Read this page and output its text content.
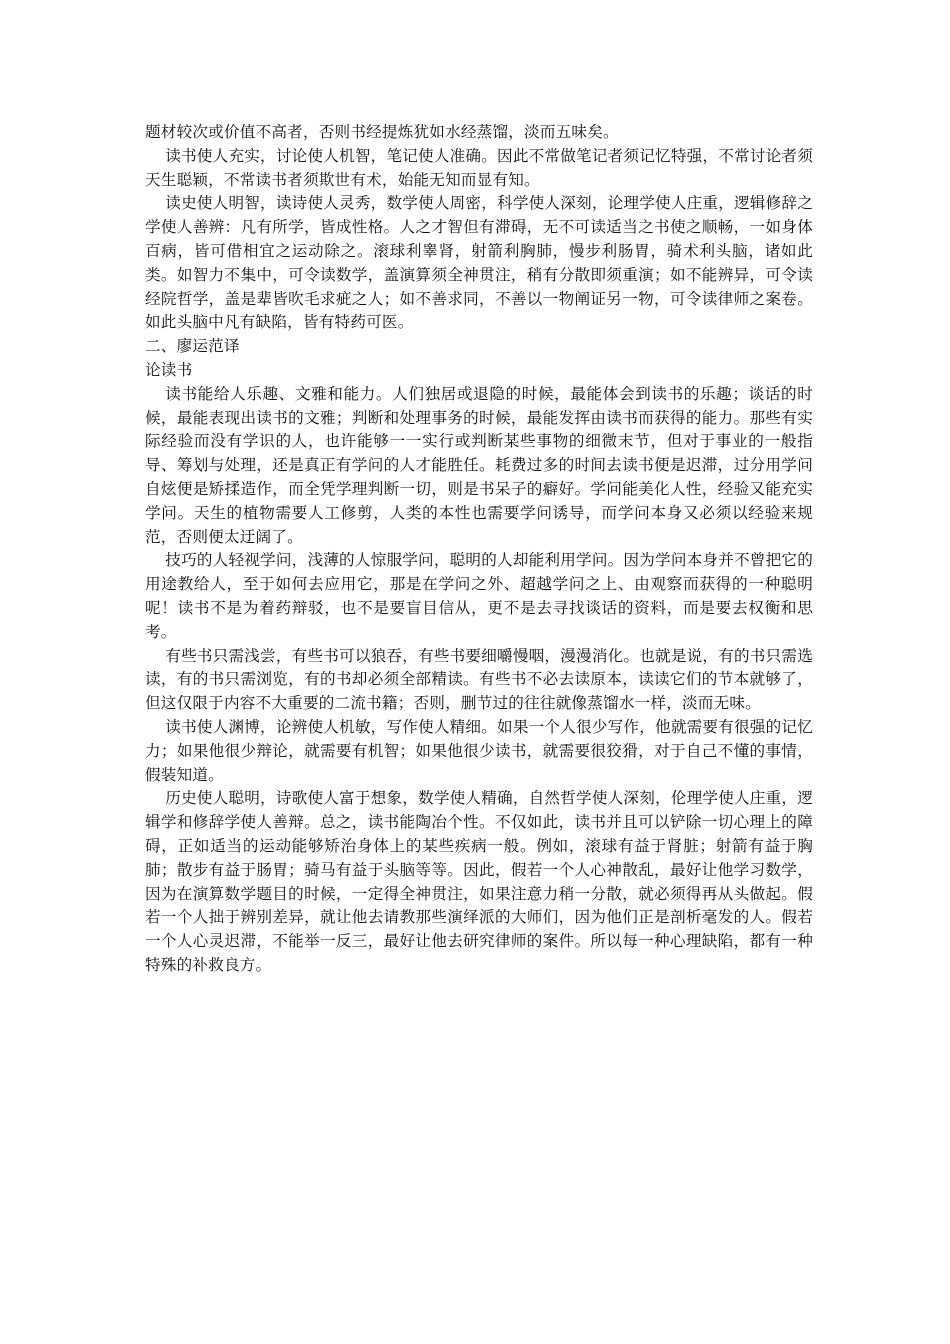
题材较次或价值不高者，否则书经提炼犹如水经蒸馏，淡而五味矣。

读书使人充实，讨论使人机智，笔记使人准确。因此不常做笔记者须记忆特强，不常讨论者须天生聪颖，不常读书者须欺世有术，始能无知而显有知。

读史使人明智，读诗使人灵秀，数学使人周密，科学使人深刻，论理学使人庄重，逻辑修辞之学使人善辨：凡有所学，皆成性格。人之才智但有滞碍，无不可读适当之书使之顺畅，一如身体百病，皆可借相宜之运动除之。滚球利睾肾，射箭利胸肺，慢步利肠胃，骑术利头脑，诸如此类。如智力不集中，可令读数学，盖演算须全神贯注，稍有分散即须重演；如不能辨异，可令读经院哲学，盖是辈皆吹毛求疵之人；如不善求同，不善以一物阐证另一物，可令读律师之案卷。如此头脑中凡有缺陷，皆有特药可医。

二、廖运范译

论读书

读书能给人乐趣、文雅和能力。人们独居或退隐的时候，最能体会到读书的乐趣；谈话的时候，最能表现出读书的文雅；判断和处理事务的时候，最能发挥由读书而获得的能力。那些有实际经验而没有学识的人，也许能够一一实行或判断某些事物的细微末节，但对于事业的一般指导、筹划与处理，还是真正有学问的人才能胜任。耗费过多的时间去读书便是迟滞，过分用学问自炫便是矫揉造作，而全凭学理判断一切，则是书呆子的癖好。学问能美化人性，经验又能充实学问。天生的植物需要人工修剪，人类的本性也需要学问诱导，而学问本身又必须以经验来规范，否则便太迂阔了。

技巧的人轻视学问，浅薄的人惊服学问，聪明的人却能利用学问。因为学问本身并不曾把它的用途教给人，至于如何去应用它，那是在学问之外、超越学问之上、由观察而获得的一种聪明呢！读书不是为着药辩驳，也不是要盲目信从，更不是去寻找谈话的资料，而是要去权衡和思考。

有些书只需浅尝，有些书可以狼吞，有些书要细嚼慢咽，漫漫消化。也就是说，有的书只需选读，有的书只需浏览，有的书却必须全部精读。有些书不必去读原本，读读它们的节本就够了，但这仅限于内容不大重要的二流书籍；否则，删节过的往往就像蒸馏水一样，淡而无味。

读书使人渊博，论辨使人机敏，写作使人精细。如果一个人很少写作，他就需要有很强的记忆力；如果他很少辩论，就需要有机智；如果他很少读书，就需要很狡猾，对于自己不懂的事情，假装知道。

历史使人聪明，诗歌使人富于想象，数学使人精确，自然哲学使人深刻，伦理学使人庄重，逻辑学和修辞学使人善辩。总之，读书能陶冶个性。不仅如此，读书并且可以铲除一切心理上的障碍，正如适当的运动能够矫治身体上的某些疾病一般。例如，滚球有益于肾脏；射箭有益于胸肺；散步有益于肠胃；骑马有益于头脑等等。因此，假若一个人心神散乱，最好让他学习数学，因为在演算数学题目的时候，一定得全神贯注，如果注意力稍一分散，就必须得再从头做起。假若一个人拙于辨别差异，就让他去请教那些演绎派的大师们，因为他们正是剖析毫发的人。假若一个人心灵迟滞，不能举一反三，最好让他去研究律师的案件。所以每一种心理缺陷，都有一种特殊的补救良方。
